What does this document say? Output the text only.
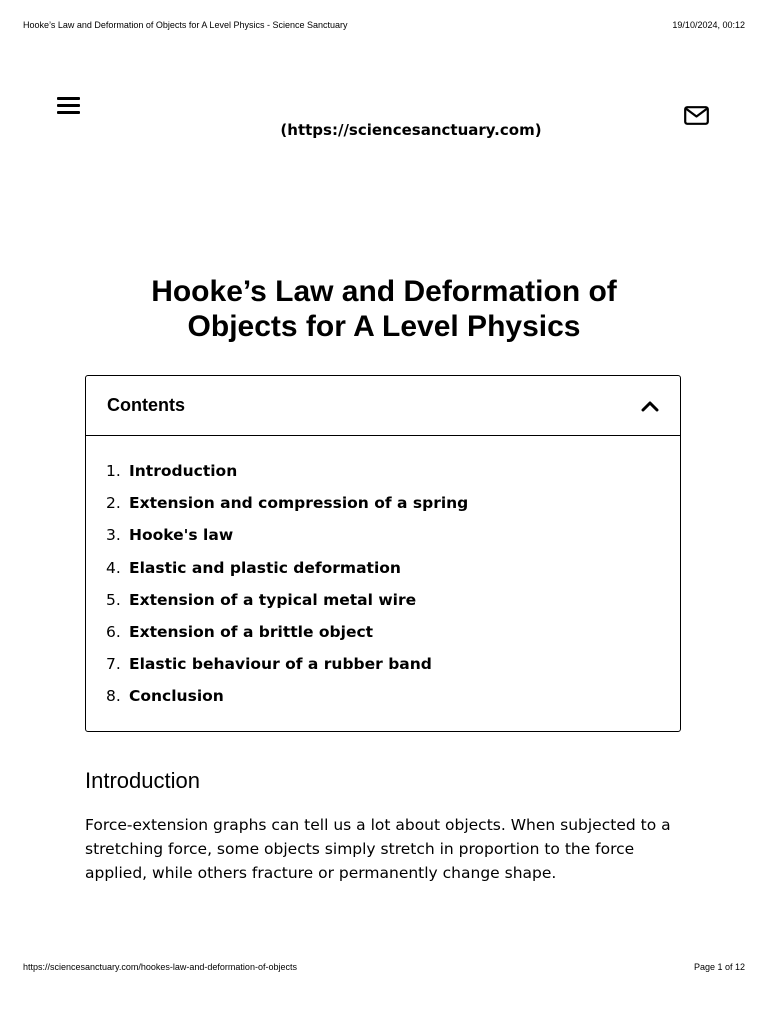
Hooke’s Law and Deformation of Objects for A Level Physics - Science Sanctuary	19/10/2024, 00:12
(https://sciencesanctuary.com)
Hooke’s Law and Deformation of Objects for A Level Physics
Contents
1. Introduction
2. Extension and compression of a spring
3. Hooke's law
4. Elastic and plastic deformation
5. Extension of a typical metal wire
6. Extension of a brittle object
7. Elastic behaviour of a rubber band
8. Conclusion
Introduction

Force-extension graphs can tell us a lot about objects. When subjected to a stretching force, some objects simply stretch in proportion to the force applied, while others fracture or permanently change shape.

https://sciencesanctuary.com/hookes-law-and-deformation-of-objects	Page 1 of 12
